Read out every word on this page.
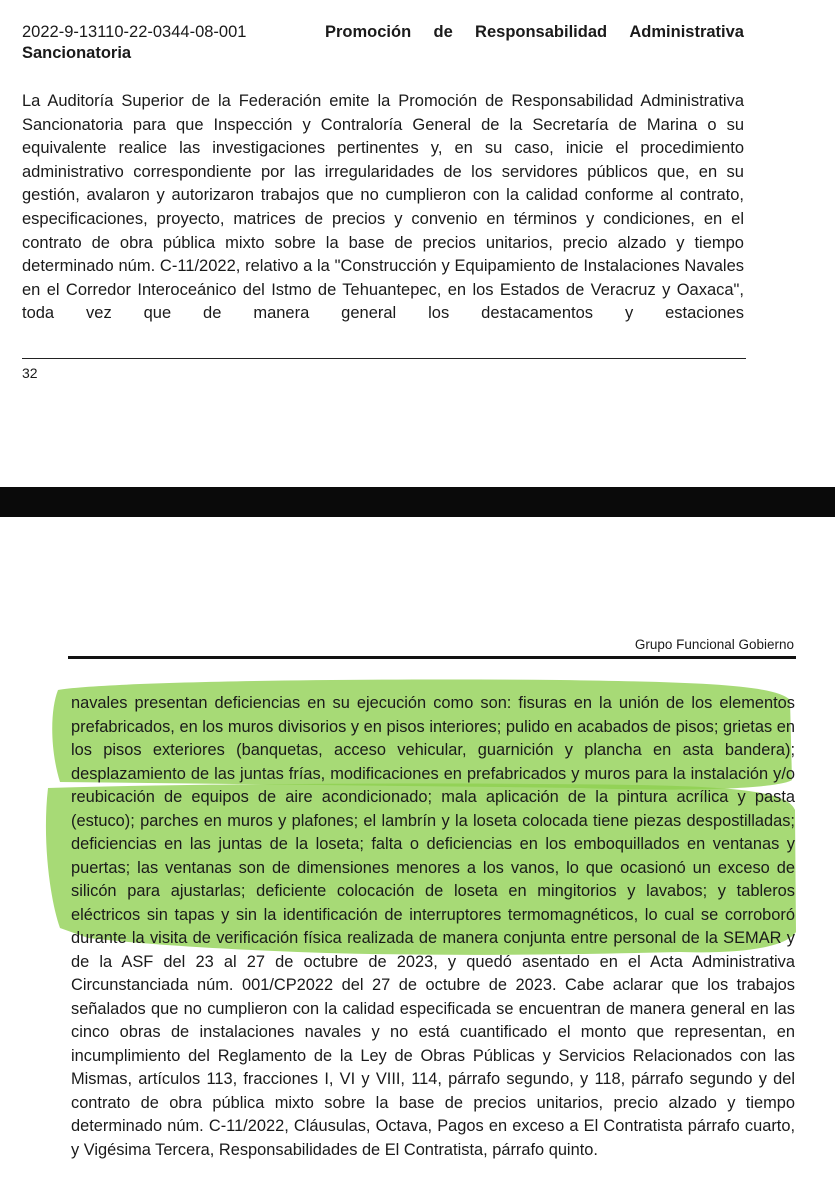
2022-9-13110-22-0344-08-001	Promoción de Responsabilidad Administrativa
Sancionatoria

La Auditoría Superior de la Federación emite la Promoción de Responsabilidad Administrativa Sancionatoria para que Inspección y Contraloría General de la Secretaría de Marina o su equivalente realice las investigaciones pertinentes y, en su caso, inicie el procedimiento administrativo correspondiente por las irregularidades de los servidores públicos que, en su gestión, avalaron y autorizaron trabajos que no cumplieron con la calidad conforme al contrato, especificaciones, proyecto, matrices de precios y convenio en términos y condiciones, en el contrato de obra pública mixto sobre la base de precios unitarios, precio alzado y tiempo determinado núm. C-11/2022, relativo a la "Construcción y Equipamiento de Instalaciones Navales en el Corredor Interoceánico del Istmo de Tehuantepec, en los Estados de Veracruz y Oaxaca", toda vez que de manera general los destacamentos y estaciones

32
Grupo Funcional Gobierno

navales presentan deficiencias en su ejecución como son: fisuras en la unión de los elementos prefabricados, en los muros divisorios y en pisos interiores; pulido en acabados de pisos; grietas en los pisos exteriores (banquetas, acceso vehicular, guarnición y plancha en asta bandera); desplazamiento de las juntas frías, modificaciones en prefabricados y muros para la instalación y/o reubicación de equipos de aire acondicionado; mala aplicación de la pintura acrílica y pasta (estuco); parches en muros y plafones; el lambrín y la loseta colocada tiene piezas despostilladas; deficiencias en las juntas de la loseta; falta o deficiencias en los emboquillados en ventanas y puertas; las ventanas son de dimensiones menores a los vanos, lo que ocasionó un exceso de silicón para ajustarlas; deficiente colocación de loseta en mingitorios y lavabos; y tableros eléctricos sin tapas y sin la identificación de interruptores termomagnéticos, lo cual se corroboró durante la visita de verificación física realizada de manera conjunta entre personal de la SEMAR y de la ASF del 23 al 27 de octubre de 2023, y quedó asentado en el Acta Administrativa Circunstanciada núm. 001/CP2022 del 27 de octubre de 2023. Cabe aclarar que los trabajos señalados que no cumplieron con la calidad especificada se encuentran de manera general en las cinco obras de instalaciones navales y no está cuantificado el monto que representan, en incumplimiento del Reglamento de la Ley de Obras Públicas y Servicios Relacionados con las Mismas, artículos 113, fracciones I, VI y VIII, 114, párrafo segundo, y 118, párrafo segundo y del contrato de obra pública mixto sobre la base de precios unitarios, precio alzado y tiempo determinado núm. C-11/2022, Cláusulas, Octava, Pagos en exceso a El Contratista párrafo cuarto, y Vigésima Tercera, Responsabilidades de El Contratista, párrafo quinto.
